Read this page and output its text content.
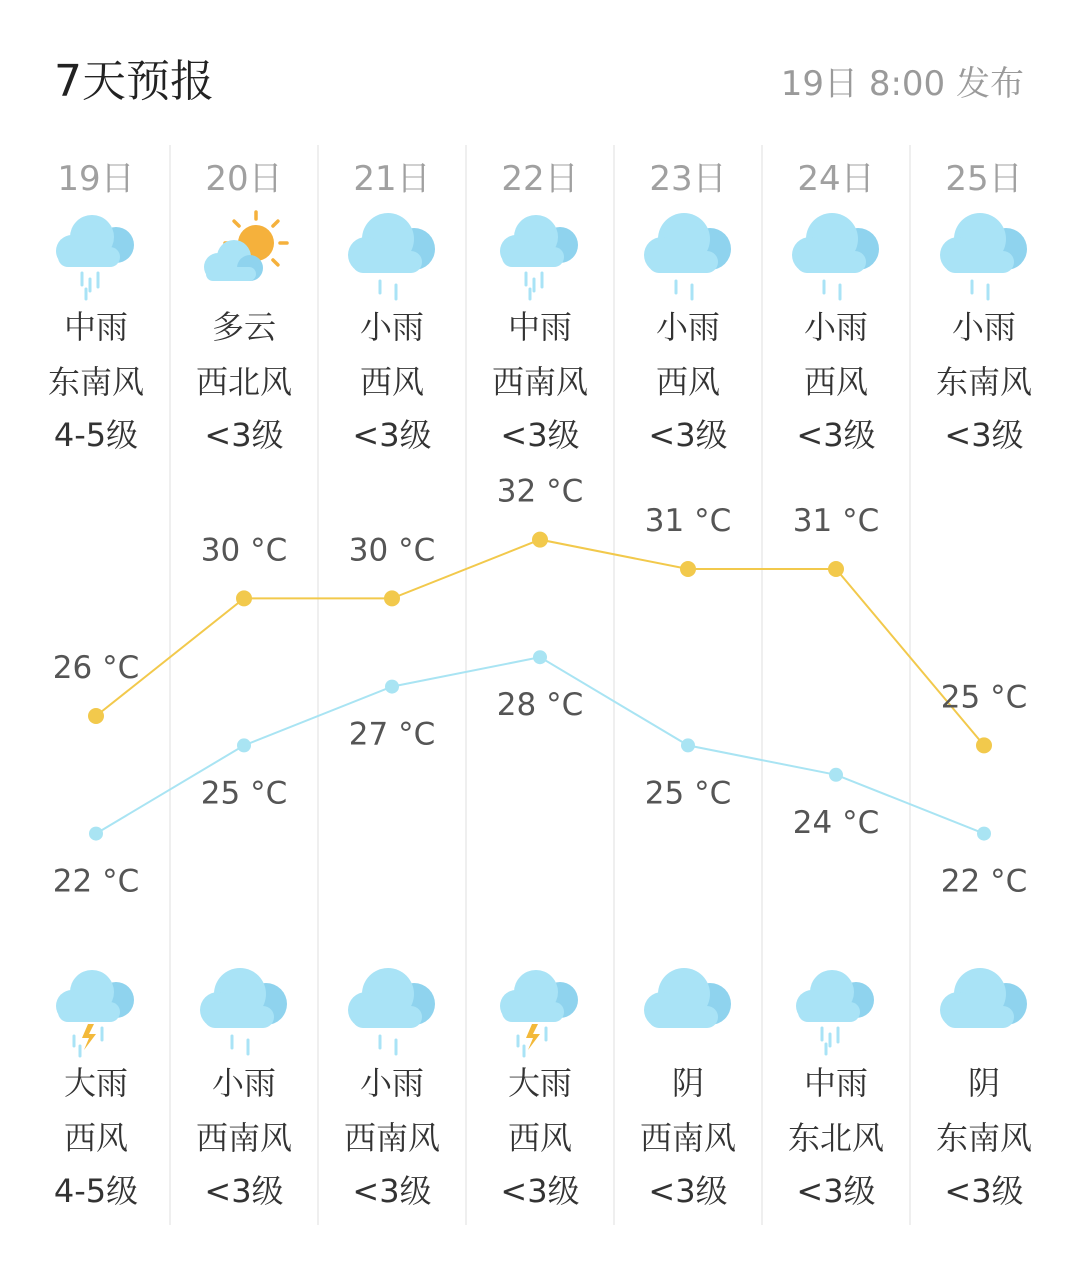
7天预报	19日 8:00 发布
19日
中雨
东南风
4-5级
大雨
西风
4-5级
20日
多云
西北风
<3级
小雨
西南风
<3级
21日
小雨
西风
<3级
小雨
西南风
<3级
22日
中雨
西南风
<3级
大雨
西风
<3级
23日
小雨
西风
<3级
阴
西南风
<3级
24日
小雨
西风
<3级
中雨
东北风
<3级
25日
小雨
东南风
<3级
阴
东南风
<3级
26 °C
30 °C 30 °C
32 °C
31 °C 31 °C
25 °C
22 °C
25 °C
27 °C
28 °C
25 °C
24 °C
22 °C
